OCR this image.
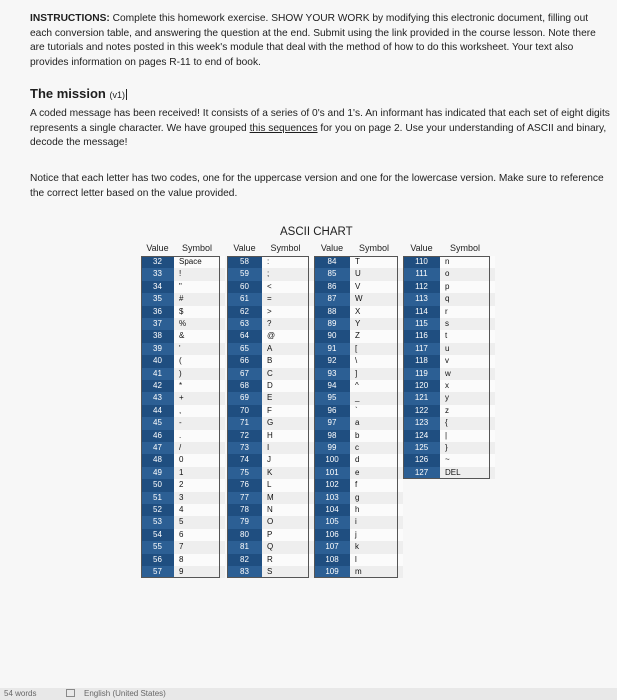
INSTRUCTIONS: Complete this homework exercise. SHOW YOUR WORK by modifying this electronic document, filling out each conversion table, and answering the question at the end. Submit using the link provided in the course lesson. Note there are tutorials and notes posted in this week's module that deal with the method of how to do this worksheet. Your text also provides information on pages R-11 to end of book.

The mission (v1)

A coded message has been received! It consists of a series of 0's and 1's. An informant has indicated that each set of eight digits represents a single character. We have grouped this sequences for you on page 2. Use your understanding of ASCII and binary, decode the message!

Notice that each letter has two codes, one for the uppercase version and one for the lowercase version. Make sure to reference the correct letter based on the value provided.

ASCII CHART
Value	Symbol
32	Space
33	!
34	"
35	#
36	$
37	%
38	&
39	'
40	(
41	)
42	*
43	+
44	,
45	-
46	.
47	/
48	0
49	1
50	2
51	3
52	4
53	5
54	6
55	7
56	8
57	9
Value	Symbol
58	:
59	;
60	<
61	=
62	>
63	?
64	@
65	A
66	B
67	C
68	D
69	E
70	F
71	G
72	H
73	I
74	J
75	K
76	L
77	M
78	N
79	O
80	P
81	Q
82	R
83	S
Value	Symbol
84	T
85	U
86	V
87	W
88	X
89	Y
90	Z
91	[
92	\
93	]
94	^
95	_
96	`
97	a
98	b
99	c
100	d
101	e
102	f
103	g
104	h
105	i
106	j
107	k
108	l
109	m
Value	Symbol
110	n
111	o
112	p
113	q
114	r
115	s
116	t
117	u
118	v
119	w
120	x
121	y
122	z
123	{
124	|
125	}
126	~
127	DEL
54 words	English (United States)
